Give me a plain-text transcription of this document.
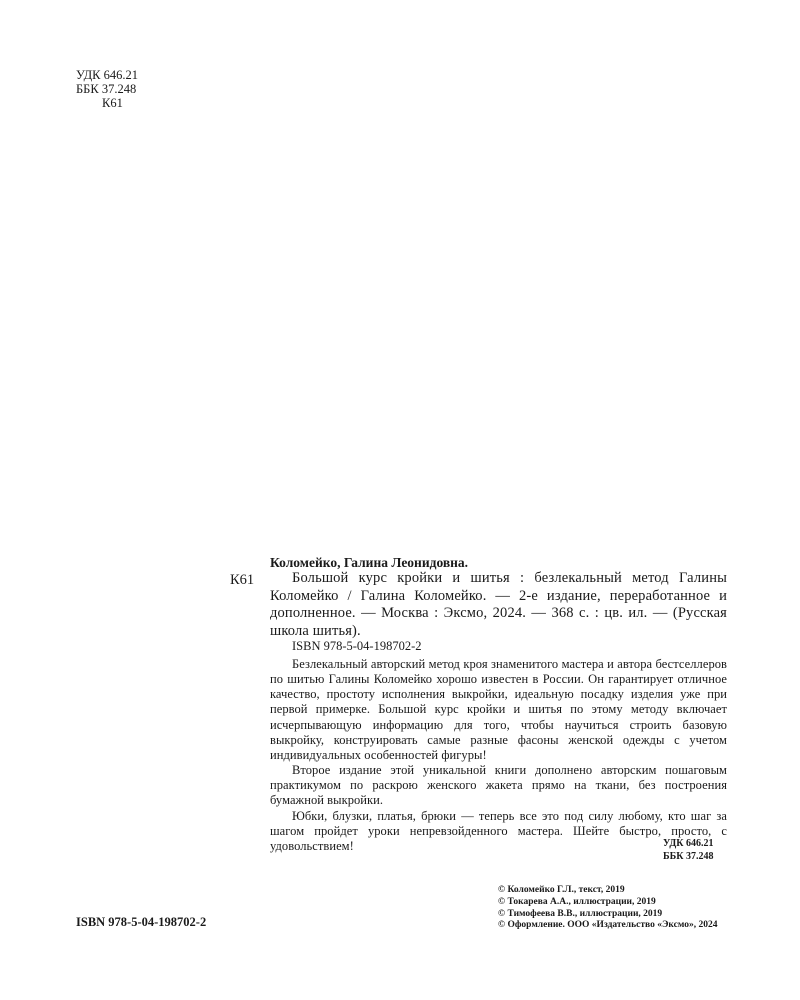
УДК 646.21
ББК 37.248
К61
Коломейко, Галина Леонидовна.
К61	Большой курс кройки и шитья : безлекальный метод Галины Коломейко / Галина Коломейко. — 2-е издание, переработанное и дополненное. — Москва : Эксмо, 2024. — 368 с. : цв. ил. — (Русская школа шитья).

ISBN 978-5-04-198702-2

Безлекальный авторский метод кроя знаменитого мастера и автора бестселлеров по шитью Галины Коломейко хорошо известен в России. Он гарантирует отличное качество, простоту исполнения выкройки, идеальную посадку изделия уже при первой примерке. Большой курс кройки и шитья по этому методу включает исчерпывающую информацию для того, чтобы научиться строить базовую выкройку, конструировать самые разные фасоны женской одежды с учетом индивидуальных особенностей фигуры!

Второе издание этой уникальной книги дополнено авторским пошаговым практикумом по раскрою женского жакета прямо на ткани, без построения бумажной выкройки.

Юбки, блузки, платья, брюки — теперь все это под силу любому, кто шаг за шагом пройдет уроки непревзойденного мастера. Шейте быстро, просто, с удовольствием!	УДК 646.21
ББК 37.248
ISBN 978-5-04-198702-2
© Коломейко Г.Л., текст, 2019
© Токарева А.А., иллюстрации, 2019
© Тимофеева В.В., иллюстрации, 2019
© Оформление. ООО «Издательство «Эксмо», 2024
